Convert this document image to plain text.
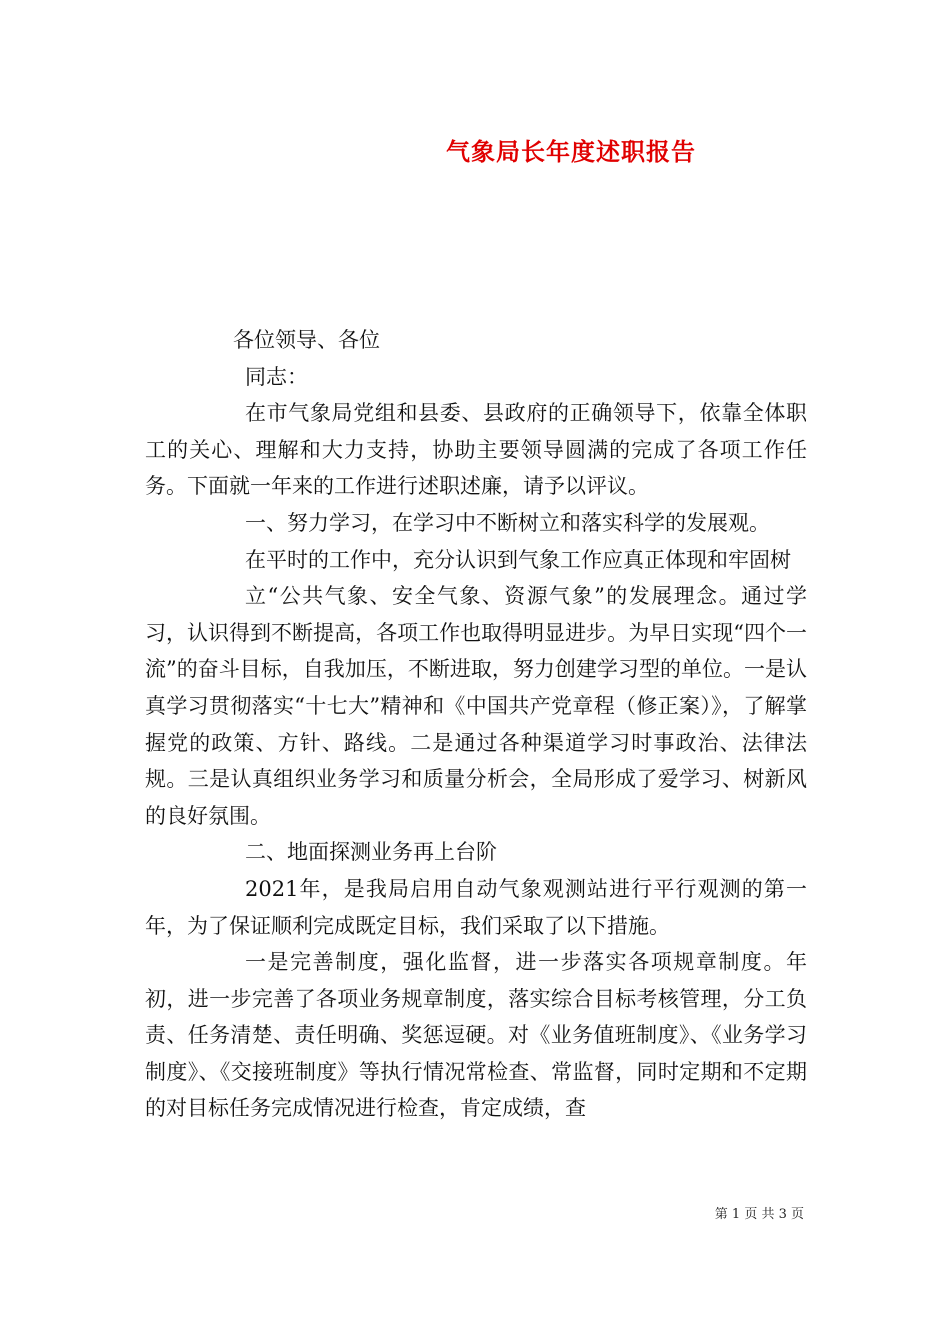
气象局长年度述职报告

各位领导、各位

同志：

在市气象局党组和县委、县政府的正确领导下，依靠全体职工的关心、理解和大力支持，协助主要领导圆满的完成了各项工作任务。下面就一年来的工作进行述职述廉，请予以评议。

一、努力学习，在学习中不断树立和落实科学的发展观。

在平时的工作中，充分认识到气象工作应真正体现和牢固树

立“公共气象、安全气象、资源气象”的发展理念。通过学习，认识得到不断提高，各项工作也取得明显进步。为早日实现“四个一流”的奋斗目标，自我加压，不断进取，努力创建学习型的单位。一是认真学习贯彻落实“十七大”精神和《中国共产党章程（修正案）》，了解掌握党的政策、方针、路线。二是通过各种渠道学习时事政治、法律法规。三是认真组织业务学习和质量分析会，全局形成了爱学习、树新风的良好氛围。

二、地面探测业务再上台阶

2021年，是我局启用自动气象观测站进行平行观测的第一年，为了保证顺利完成既定目标，我们采取了以下措施。

一是完善制度，强化监督，进一步落实各项规章制度。年初，进一步完善了各项业务规章制度，落实综合目标考核管理，分工负责、任务清楚、责任明确、奖惩逗硬。对《业务值班制度》、《业务学习制度》、《交接班制度》等执行情况常检查、常监督，同时定期和不定期的对目标任务完成情况进行检查，肯定成绩，查

第 1 页 共 3 页
